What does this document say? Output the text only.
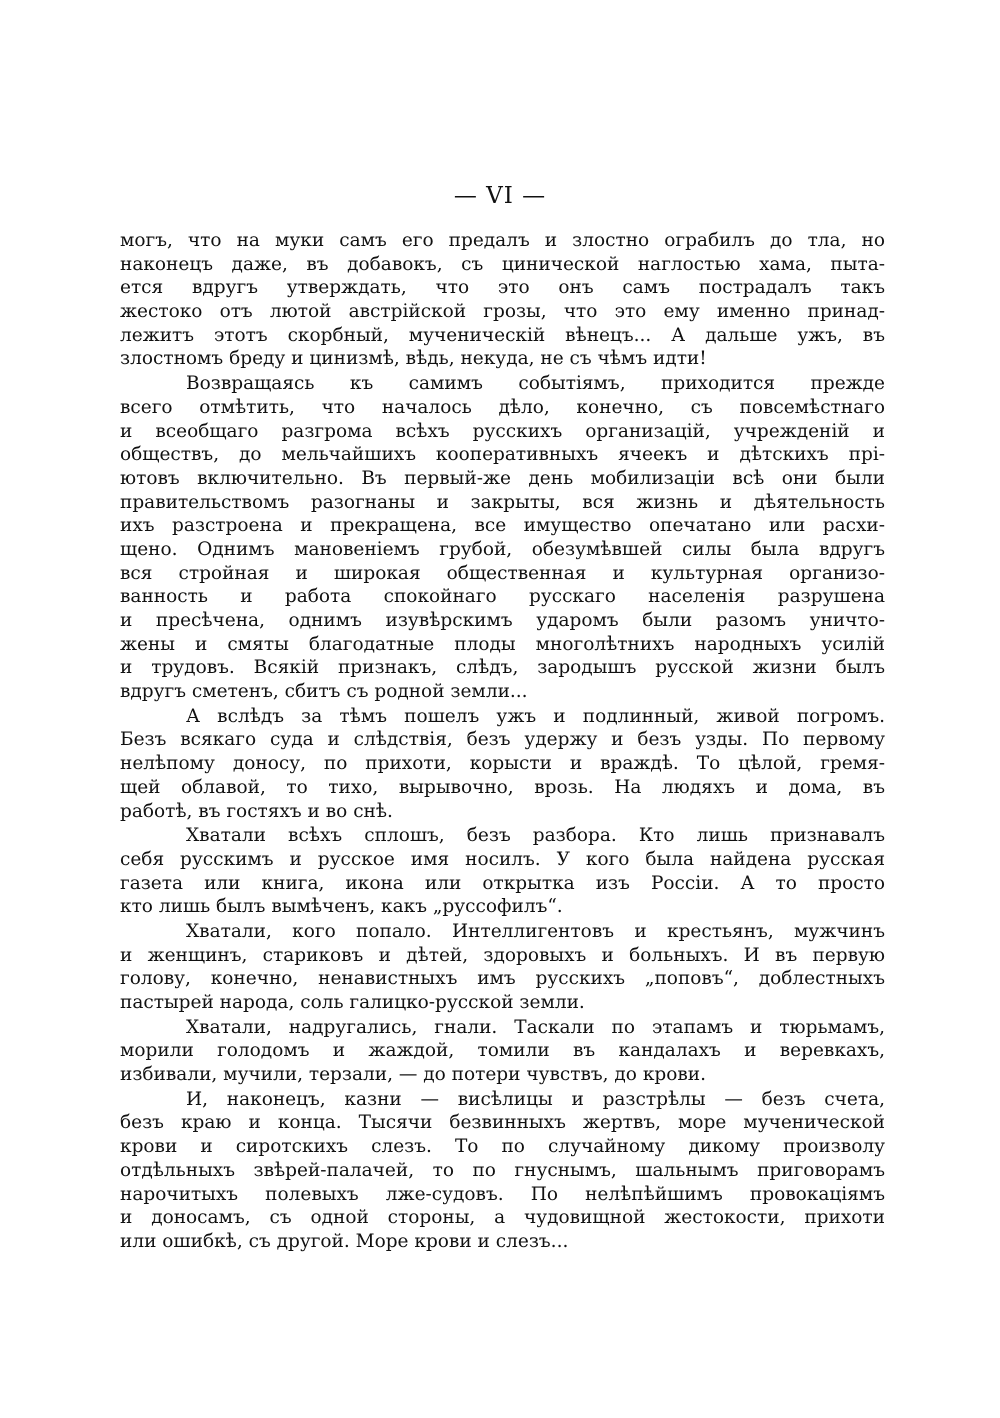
— VI —
могъ, что на муки самъ его предалъ и злостно ограбилъ до тла, но
наконецъ даже, въ добавокъ, съ циничеcкой наглостью хама, пыта-
ется вдругъ утверждать, что это онъ самъ пострадалъ такъ
жестоко отъ лютой австрійской грозы, что это ему именно принад-
лежитъ этотъ скорбный, мученическій вѣнецъ... А дальше ужъ, въ
злостномъ бреду и цинизмѣ, вѣдь, некуда, не съ чѣмъ идти!
Возвращаясь къ самимъ событіямъ, приходится прежде
всего отмѣтить, что началось дѣло, конечно, съ повсемѣстнаго
и всеобщаго разгрома всѣхъ русскихъ организацій, учрежденій и
обществъ, до мельчайшихъ кооперативныхъ ячеекъ и дѣтскихъ прі-
ютовъ включительно. Въ первый-же день мобилизаціи всѣ они были
правительствомъ разогнаны и закрыты, вся жизнь и дѣятельность
ихъ разстроена и прекращена, все имущество опечатано или расхи-
щено. Однимъ мановеніемъ грубой, обезумѣвшей силы была вдругъ
вся стройная и широкая общественная и культурная организо-
ванность и работа спокойнаго русскаго населенія разрушена
и пресѣчена, однимъ изувѣрскимъ ударомъ были разомъ уничто-
жены и смяты благодатные плоды многолѣтнихъ народныхъ усилій
и трудовъ. Всякій признакъ, слѣдъ, зародышъ русской жизни былъ
вдругъ сметенъ, сбитъ съ родной земли...
А вслѣдъ за тѣмъ пошелъ ужъ и подлинный, живой погромъ.
Безъ всякаго суда и слѣдствія, безъ удержу и безъ узды. По первому
нелѣпому доносу, по прихоти, корысти и враждѣ. То цѣлой, гремя-
щей облавой, то тихо, вырывочно, врозь. На людяхъ и дома, въ
работѣ, въ гостяхъ и во снѣ.
Хватали всѣхъ сплошъ, безъ разбора. Кто лишь признавалъ
себя русскимъ и русское имя носилъ. У кого была найдена русская
газета или книга, икона или открытка изъ Россіи. А то просто
кто лишь былъ вымѣченъ, какъ „руссофилъ“.
Хватали, кого попало. Интеллигентовъ и крестьянъ, мужчинъ
и женщинъ, стариковъ и дѣтей, здоровыхъ и больныхъ. И въ первую
голову, конечно, ненавистныхъ имъ русскихъ „поповъ“, доблестныхъ
пастырей народа, соль галицко-русской земли.
Хватали, надругались, гнали. Таскали по этапамъ и тюрьмамъ,
морили голодомъ и жаждой, томили въ кандалахъ и веревкахъ,
избивали, мучили, терзали, — до потери чувствъ, до крови.
И, наконецъ, казни — висѣлицы и разстрѣлы — безъ счета,
безъ краю и конца. Тысячи безвинныхъ жертвъ, море мученической
крови и сиротскихъ слезъ. То по случайному дикому произволу
отдѣльныхъ звѣрей-палачей, то по гнуснымъ, шальнымъ приговорамъ
нарочитыхъ полевыхъ лже-судовъ. По нелѣпѣйшимъ провокаціямъ
и доносамъ, съ одной стороны, а чудовищной жестокости, прихоти
или ошибкѣ, съ другой. Море крови и слезъ...
